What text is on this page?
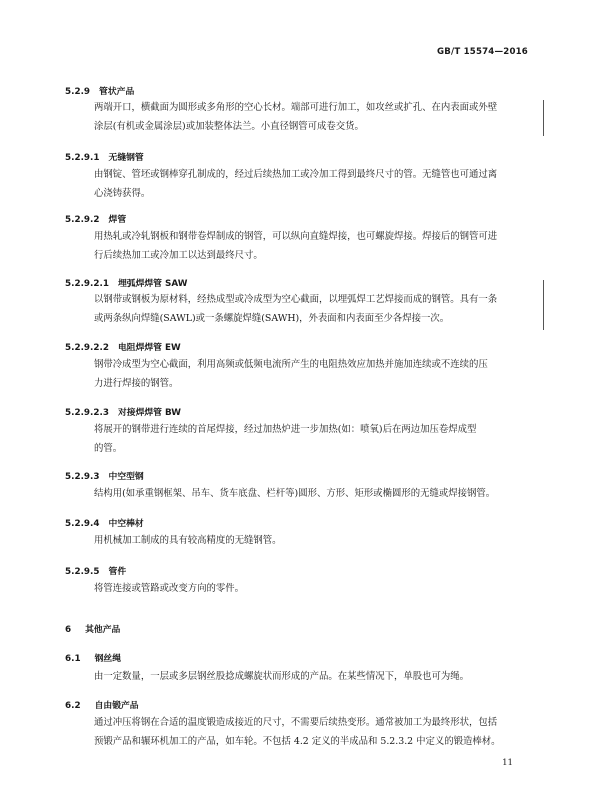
GB/T 15574—2016
5.2.9 管状产品
两端开口，横截面为圆形或多角形的空心长材。端部可进行加工，如攻丝或扩孔、在内表面或外壁
涂层(有机或金属涂层)或加装整体法兰。小直径钢管可成卷交货。
5.2.9.1 无缝钢管
由钢锭、管坯或钢棒穿孔制成的，经过后续热加工或冷加工得到最终尺寸的管。无缝管也可通过离
心浇铸获得。
5.2.9.2 焊管
用热轧或冷轧钢板和钢带卷焊制成的钢管，可以纵向直缝焊接，也可螺旋焊接。焊接后的钢管可进
行后续热加工或冷加工以达到最终尺寸。
5.2.9.2.1 埋弧焊焊管 SAW
以钢带或钢板为原材料，经热成型或冷成型为空心截面，以埋弧焊工艺焊接而成的钢管。具有一条
或两条纵向焊缝(SAWL)或一条螺旋焊缝(SAWH)，外表面和内表面至少各焊接一次。
5.2.9.2.2 电阻焊焊管 EW
钢带冷成型为空心截面，利用高频或低频电流所产生的电阻热效应加热并施加连续或不连续的压
力进行焊接的钢管。
5.2.9.2.3 对接焊焊管 BW
将展开的钢带进行连续的首尾焊接，经过加热炉进一步加热(如：喷氧)后在两边加压卷焊成型
的管。
5.2.9.3 中空型钢
结构用(如承重钢框架、吊车、货车底盘、栏杆等)圆形、方形、矩形或椭圆形的无缝或焊接钢管。
5.2.9.4 中空棒材
用机械加工制成的具有较高精度的无缝钢管。
5.2.9.5 管件
将管连接或管路或改变方向的零件。
6 其他产品
6.1 钢丝绳
由一定数量，一层或多层钢丝股捻成螺旋状而形成的产品。在某些情况下，单股也可为绳。
6.2 自由锻产品
通过冲压将钢在合适的温度锻造成接近的尺寸，不需要后续热变形。通常被加工为最终形状，包括
预锻产品和辗环机加工的产品，如车轮。不包括 4.2 定义的半成品和 5.2.3.2 中定义的锻造棒材。
11
